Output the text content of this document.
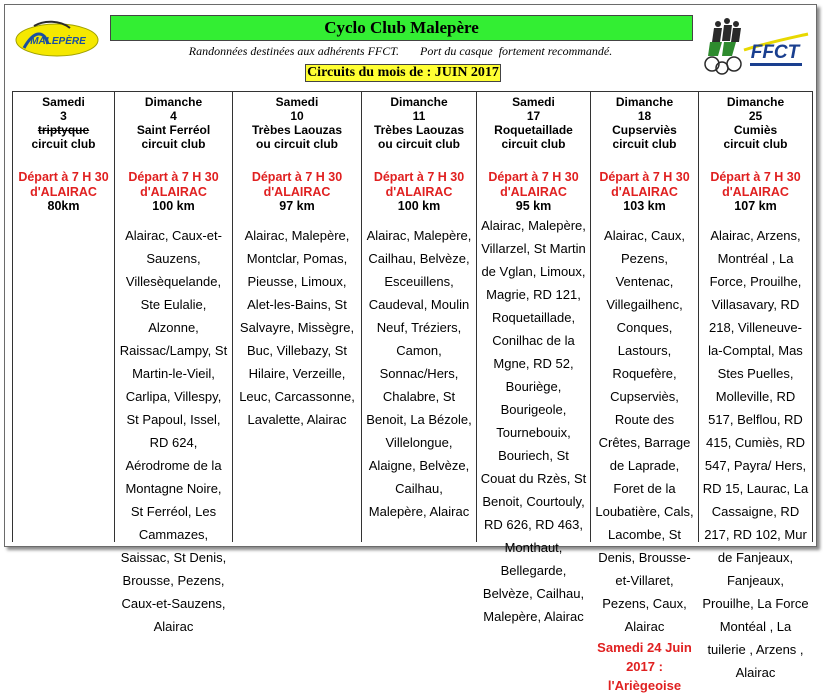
MALEPÈRE
FFCT
Cyclo Club Malepère
Randonnées destinées aux adhérents FFCT.       Port du casque  fortement recommandé.
Circuits du mois de : JUIN 2017
Samedi
3
triptyque
circuit club
Départ à 7 H 30 d'ALAIRAC
80km
Dimanche
4
Saint Ferréol
circuit club
Départ à 7 H 30 d'ALAIRAC
100 km
Alairac, Caux-et-Sauzens, Villesèquelande, Ste Eulalie, Alzonne, Raissac/Lampy, St Martin-le-Vieil, Carlipa, Villespy, St Papoul, Issel, RD 624, Aérodrome de la Montagne Noire, St Ferréol, Les Cammazes, Saissac, St Denis, Brousse, Pezens, Caux-et-Sauzens, Alairac
Samedi
10
Trèbes Laouzas
ou circuit club
Départ à 7 H 30 d'ALAIRAC
97 km
Alairac, Malepère, Montclar, Pomas, Pieusse, Limoux, Alet-les-Bains, St Salvayre, Missègre, Buc, Villebazy, St Hilaire, Verzeille, Leuc, Carcassonne, Lavalette, Alairac
Dimanche
11
Trèbes Laouzas
ou circuit club
Départ à 7 H 30 d'ALAIRAC
100 km
Alairac, Malepère, Cailhau, Belvèze, Esceuillens, Caudeval, Moulin Neuf, Tréziers, Camon, Sonnac/Hers, Chalabre, St Benoit, La Bézole, Villelongue, Alaigne, Belvèze, Cailhau, Malepère, Alairac
Samedi
17
Roquetaillade
circuit club
Départ à 7 H 30 d'ALAIRAC
95 km
Alairac, Malepère, Villarzel, St Martin de Vglan, Limoux, Magrie, RD 121, Roquetaillade, Conilhac de la Mgne, RD 52, Bouriège, Bourigeole, Tournebouix, Bouriech, St Couat du Rzès, St Benoit, Courtouly, RD 626, RD 463, Monthaut, Bellegarde, Belvèze, Cailhau, Malepère, Alairac
Dimanche
18
Cupserviès
circuit club
Départ à 7 H 30 d'ALAIRAC
103 km
Alairac, Caux, Pezens, Ventenac, Villegailhenc, Conques, Lastours, Roquefère, Cupserviès, Route des Crêtes, Barrage de Laprade, Foret de la Loubatière, Cals, Lacombe, St Denis, Brousse-et-Villaret, Pezens, Caux, Alairac
Samedi 24 Juin 2017 : l'Ariègeoise
Dimanche
25
Cumiès
circuit club
Départ à 7 H 30 d'ALAIRAC
107 km
Alairac, Arzens, Montréal , La Force, Prouilhe, Villasavary, RD 218, Villeneuve-la-Comptal, Mas Stes Puelles, Molleville, RD 517, Belflou, RD 415, Cumiès, RD 547, Payra/ Hers, RD 15, Laurac, La Cassaigne, RD 217, RD 102, Mur de Fanjeaux, Fanjeaux, Prouilhe, La Force Montéal , La tuilerie , Arzens , Alairac
